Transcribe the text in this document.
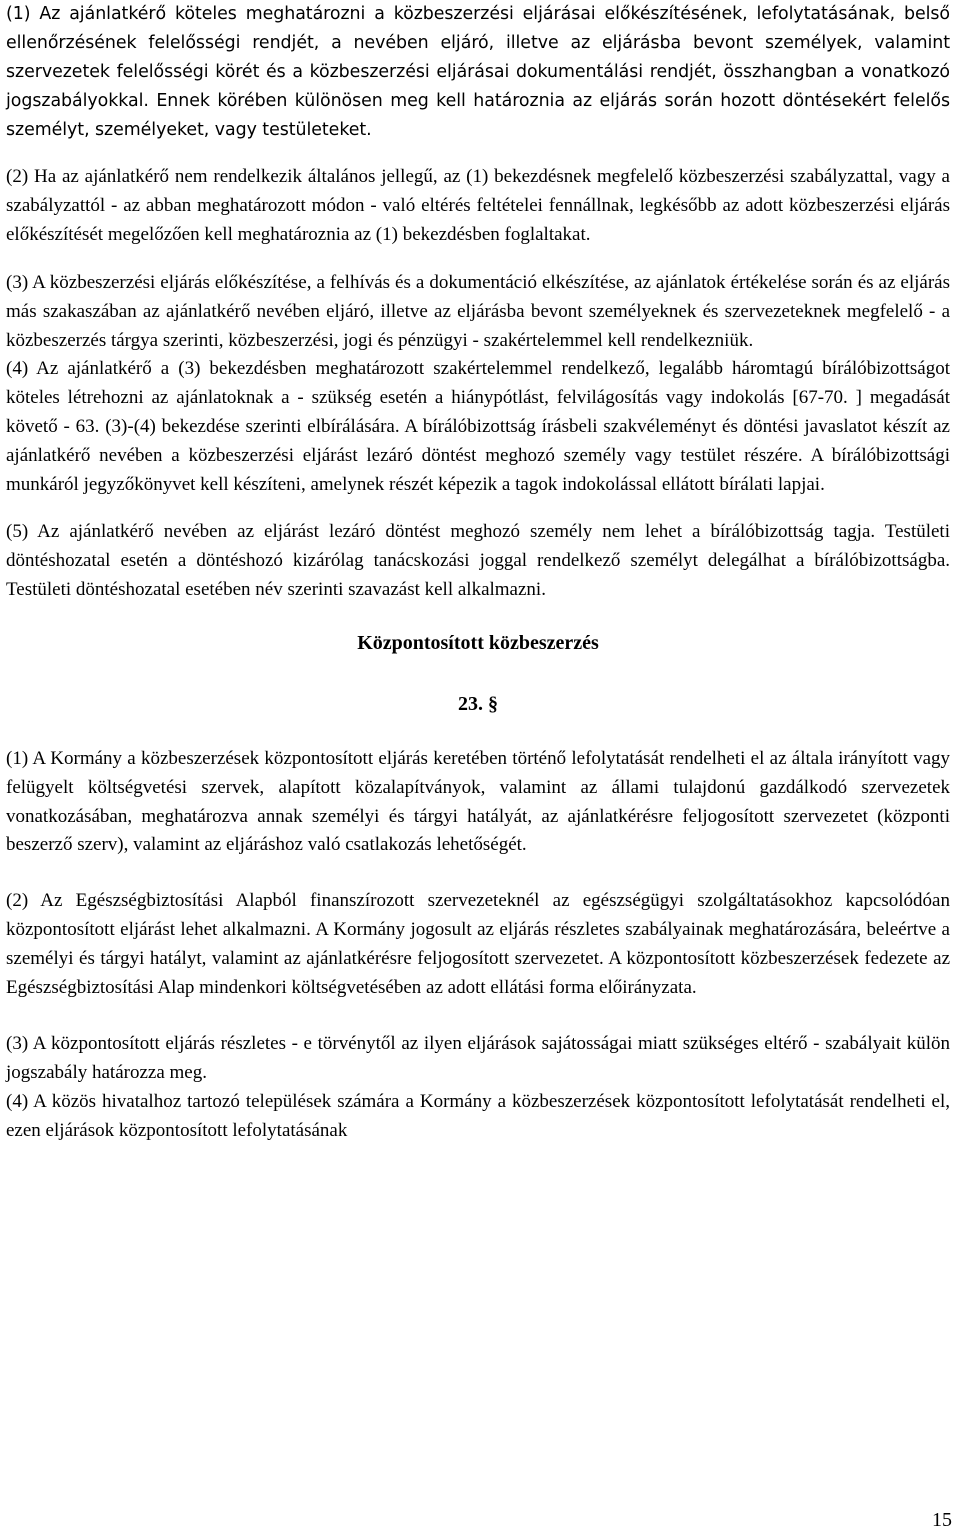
(1) Az ajánlatkérő köteles meghatározni a közbeszerzési eljárásai előkészítésének, lefolytatásának, belső ellenőrzésének felelősségi rendjét, a nevében eljáró, illetve az eljárásba bevont személyek, valamint szervezetek felelősségi körét és a közbeszerzési eljárásai dokumentálási rendjét, összhangban a vonatkozó jogszabályokkal. Ennek körében különösen meg kell határoznia az eljárás során hozott döntésekért felelős személyt, személyeket, vagy testületeket.

(2) Ha az ajánlatkérő nem rendelkezik általános jellegű, az (1) bekezdésnek megfelelő közbeszerzési szabályzattal, vagy a szabályzattól - az abban meghatározott módon - való eltérés feltételei fennállnak, legkésőbb az adott közbeszerzési eljárás előkészítését megelőzően kell meghatároznia az (1) bekezdésben foglaltakat.

(3) A közbeszerzési eljárás előkészítése, a felhívás és a dokumentáció elkészítése, az ajánlatok értékelése során és az eljárás más szakaszában az ajánlatkérő nevében eljáró, illetve az eljárásba bevont személyeknek és szervezeteknek megfelelő - a közbeszerzés tárgya szerinti, közbeszerzési, jogi és pénzügyi - szakértelemmel kell rendelkezniük.

(4) Az ajánlatkérő a (3) bekezdésben meghatározott szakértelemmel rendelkező, legalább háromtagú bírálóbizottságot köteles létrehozni az ajánlatoknak a - szükség esetén a hiánypótlást, felvilágosítás vagy indokolás [67-70. ] megadását követő - 63. (3)-(4) bekezdése szerinti elbírálására. A bírálóbizottság írásbeli szakvéleményt és döntési javaslatot készít az ajánlatkérő nevében a közbeszerzési eljárást lezáró döntést meghozó személy vagy testület részére. A bírálóbizottsági munkáról jegyzőkönyvet kell készíteni, amelynek részét képezik a tagok indokolással ellátott bírálati lapjai.

(5) Az ajánlatkérő nevében az eljárást lezáró döntést meghozó személy nem lehet a bírálóbizottság tagja. Testületi döntéshozatal esetén a döntéshozó kizárólag tanácskozási joggal rendelkező személyt delegálhat a bírálóbizottságba. Testületi döntéshozatal esetében név szerinti szavazást kell alkalmazni.

Központosított közbeszerzés
23. §

(1) A Kormány a közbeszerzések központosított eljárás keretében történő lefolytatását rendelheti el az általa irányított vagy felügyelt költségvetési szervek, alapított közalapítványok, valamint az állami tulajdonú gazdálkodó szervezetek vonatkozásában, meghatározva annak személyi és tárgyi hatályát, az ajánlatkérésre feljogosított szervezetet (központi beszerző szerv), valamint az eljáráshoz való csatlakozás lehetőségét.

(2) Az Egészségbiztosítási Alapból finanszírozott szervezeteknél az egészségügyi szolgáltatásokhoz kapcsolódóan központosított eljárást lehet alkalmazni. A Kormány jogosult az eljárás részletes szabályainak meghatározására, beleértve a személyi és tárgyi hatályt, valamint az ajánlatkérésre feljogosított szervezetet. A központosított közbeszerzések fedezete az Egészségbiztosítási Alap mindenkori költségvetésében az adott ellátási forma előirányzata.

(3) A központosított eljárás részletes - e törvénytől az ilyen eljárások sajátosságai miatt szükséges eltérő - szabályait külön jogszabály határozza meg.

(4) A közös hivatalhoz tartozó települések számára a Kormány a közbeszerzések központosított lefolytatását rendelheti el, ezen eljárások központosított lefolytatásának

15
